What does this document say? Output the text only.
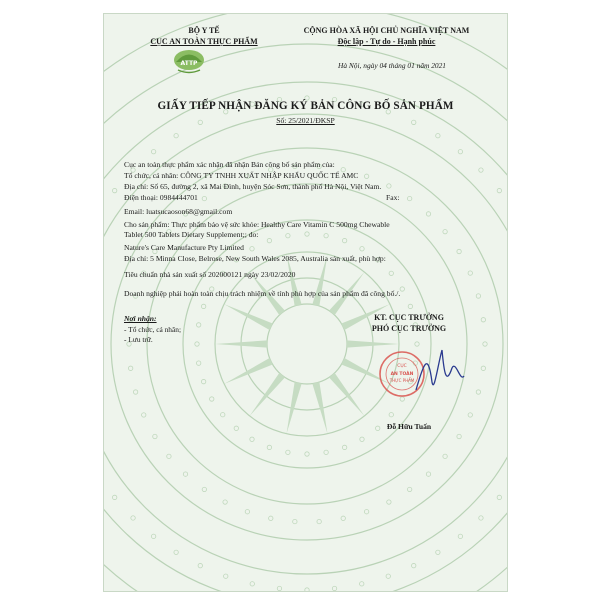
BỘ Y TẾ
CỤC AN TOÀN THỰC PHẨM
ATTP
CỘNG HÒA XÃ HỘI CHỦ NGHĨA VIỆT NAM
Độc lập - Tự do - Hạnh phúc
Hà Nội, ngày 04 tháng 01 năm 2021
GIẤY TIẾP NHẬN ĐĂNG KÝ BẢN CÔNG BỐ SẢN PHẨM
Số: 25/2021/ĐKSP
Cục an toàn thực phẩm xác nhận đã nhận Bản công bố sản phẩm của:
Tổ chức, cá nhân: CÔNG TY TNHH XUẤT NHẬP KHẨU QUỐC TẾ AMC
Địa chỉ: Số 65, đường 2, xã Mai Đình, huyện Sóc Sơn, thành phố Hà Nội, Việt Nam.
Điện thoại: 0984444701	Fax:
Email: luatsucaoson68@gmail.com
Cho sản phẩm: Thực phẩm bảo vệ sức khỏe: Healthy Care Vitamin C 500mg Chewable
Tablet 500 Tablets Dietary Supplement;; do:
Nature's Care Manufacture Pty Limited
Địa chỉ: 5 Minna Close, Belrose, New South Wales 2085, Australia sản xuất, phù hợp:
Tiêu chuẩn nhà sản xuất số 202000121 ngày 23/02/2020
Doanh nghiệp phải hoàn toàn chịu trách nhiệm về tính phù hợp của sản phẩm đã công bố./.
Nơi nhận:
- Tổ chức, cá nhân;
- Lưu trữ.
KT. CỤC TRƯỞNG
PHÓ CỤC TRƯỞNG
CỤC
AN TOÀN
THỰC PHẨM
Đỗ Hữu Tuấn
